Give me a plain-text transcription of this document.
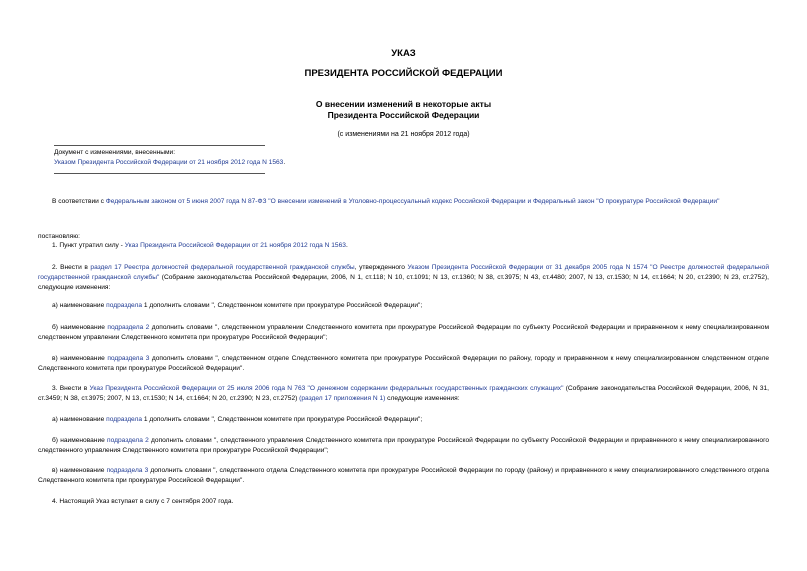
УКАЗ
ПРЕЗИДЕНТА РОССИЙСКОЙ ФЕДЕРАЦИИ
О внесении изменений в некоторые акты
Президента Российской Федерации
(с изменениями на 21 ноября 2012 года)
Документ с изменениями, внесенными:
Указом Президента Российской Федерации от 21 ноября 2012 года N 1563.
В соответствии с Федеральным законом от 5 июня 2007 года N 87-ФЗ "О внесении изменений в Уголовно-процессуальный кодекс Российской Федерации и Федеральный закон "О прокуратуре Российской Федерации"
постановляю:
1. Пункт утратил силу - Указ Президента Российской Федерации от 21 ноября 2012 года N 1563.
2. Внести в раздел 17 Реестра должностей федеральной государственной гражданской службы, утвержденного Указом Президента Российской Федерации от 31 декабря 2005 года N 1574 "О Реестре должностей федеральной государственной гражданской службы" (Собрание законодательства Российской Федерации, 2006, N 1, ст.118; N 10, ст.1091; N 13, ст.1360; N 38, ст.3975; N 43, ст.4480; 2007, N 13, ст.1530; N 14, ст.1664; N 20, ст.2390; N 23, ст.2752), следующие изменения:
а) наименование подраздела 1 дополнить словами ", Следственном комитете при прокуратуре Российской Федерации";
б) наименование подраздела 2 дополнить словами ", следственном управлении Следственного комитета при прокуратуре Российской Федерации по субъекту Российской Федерации и приравненном к нему специализированном следственном управлении Следственного комитета при прокуратуре Российской Федерации";
в) наименование подраздела 3 дополнить словами ", следственном отделе Следственного комитета при прокуратуре Российской Федерации по району, городу и приравненном к нему специализированном следственном отделе Следственного комитета при прокуратуре Российской Федерации".
3. Внести в Указ Президента Российской Федерации от 25 июля 2006 года N 763 "О денежном содержании федеральных государственных гражданских служащих" (Собрание законодательства Российской Федерации, 2006, N 31, ст.3459; N 38, ст.3975; 2007, N 13, ст.1530; N 14, ст.1664; N 20, ст.2390; N 23, ст.2752) (раздел 17 приложения N 1) следующие изменения:
а) наименование подраздела 1 дополнить словами ", Следственном комитете при прокуратуре Российской Федерации";
б) наименование подраздела 2 дополнить словами ", следственного управления Следственного комитета при прокуратуре Российской Федерации по субъекту Российской Федерации и приравненного к нему специализированного следственного управления Следственного комитета при прокуратуре Российской Федерации";
в) наименование подраздела 3 дополнить словами ", следственного отдела Следственного комитета при прокуратуре Российской Федерации по городу (району) и приравненного к нему специализированного следственного отдела Следственного комитета при прокуратуре Российской Федерации".
4. Настоящий Указ вступает в силу с 7 сентября 2007 года.
